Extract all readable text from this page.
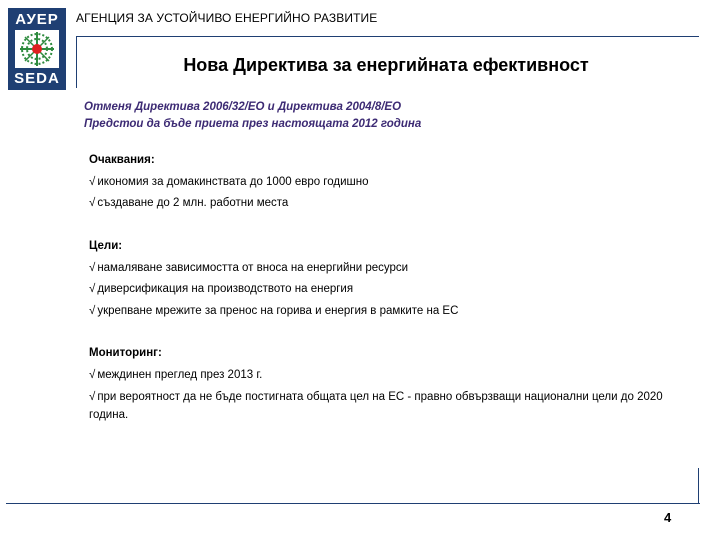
АУЕР
SEDA
АГЕНЦИЯ ЗА УСТОЙЧИВО ЕНЕРГИЙНО РАЗВИТИЕ
Нова Директива за енергийната ефективност
Отменя Директива 2006/32/ЕО и Директива 2004/8/ЕО
Предстои да бъде приета през настоящата 2012 година
Очаквания:
√ икономия за домакинствата до 1000 евро годишно
√ създаване до 2 млн. работни места
Цели:
√ намаляване зависимостта от вноса на енергийни ресурси
√ диверсификация на производството на енергия
√ укрепване мрежите за пренос на горива и енергия в рамките на ЕС
Мониторинг:
√ междинен преглед през 2013 г.
√ при вероятност да не бъде постигната общата цел на ЕС - правно обвързващи национални цели до 2020 година.
4
